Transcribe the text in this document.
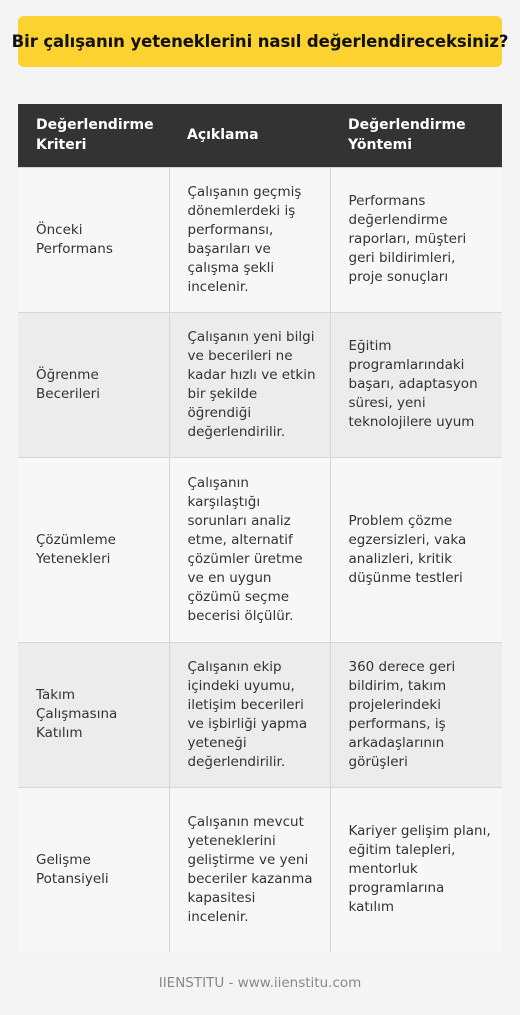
Bir çalışanın yeteneklerini nasıl değerlendireceksiniz?
Değerlendirme Kriteri	Açıklama	Değerlendirme Yöntemi
Önceki Performans	Çalışanın geçmiş dönemlerdeki iş performansı, başarıları ve çalışma şekli incelenir.	Performans değerlendirme raporları, müşteri geri bildirimleri, proje sonuçları
Öğrenme Becerileri	Çalışanın yeni bilgi ve becerileri ne kadar hızlı ve etkin bir şekilde öğrendiği değerlendirilir.	Eğitim programlarındaki başarı, adaptasyon süresi, yeni teknolojilere uyum
Çözümleme Yetenekleri	Çalışanın karşılaştığı sorunları analiz etme, alternatif çözümler üretme ve en uygun çözümü seçme becerisi ölçülür.	Problem çözme egzersizleri, vaka analizleri, kritik düşünme testleri
Takım Çalışmasına Katılım	Çalışanın ekip içindeki uyumu, iletişim becerileri ve işbirliği yapma yeteneği değerlendirilir.	360 derece geri bildirim, takım projelerindeki performans, iş arkadaşlarının görüşleri
Gelişme Potansiyeli	Çalışanın mevcut yeteneklerini geliştirme ve yeni beceriler kazanma kapasitesi incelenir.	Kariyer gelişim planı, eğitim talepleri, mentorluk programlarına katılım
IIENSTITU - www.iienstitu.com
